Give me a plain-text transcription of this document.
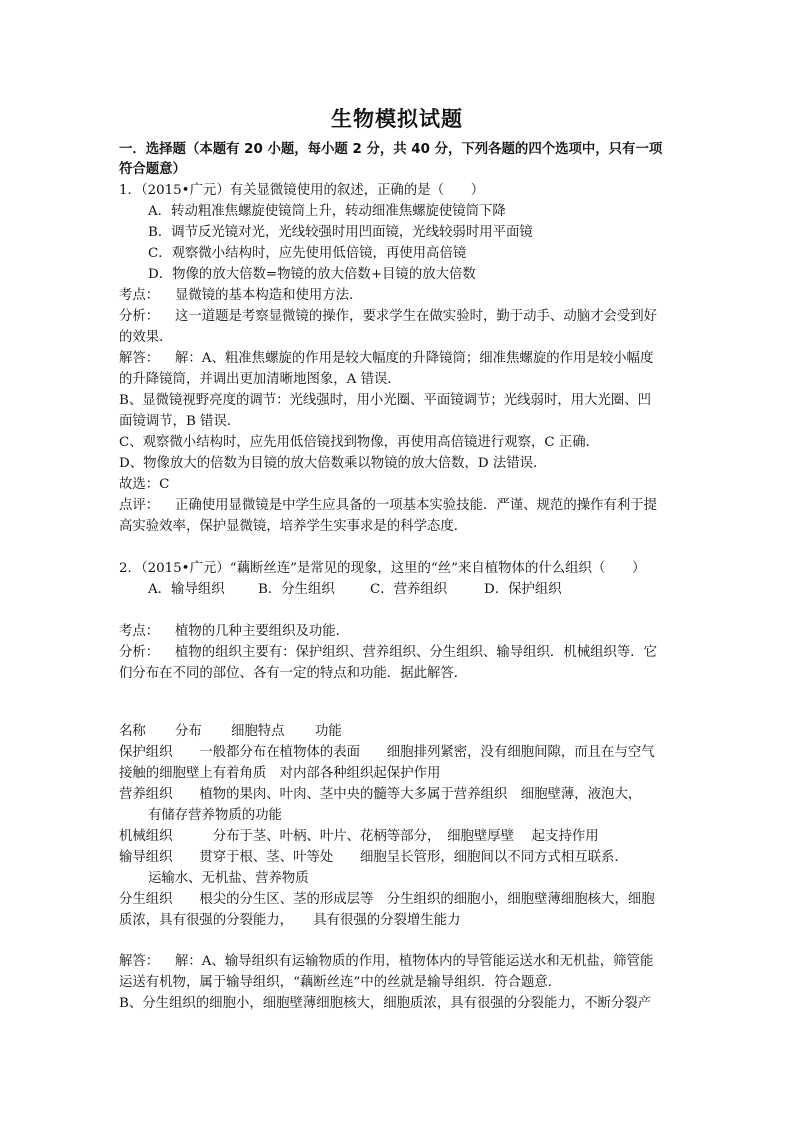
生物模拟试题
一．选择题（本题有 20 小题，每小题 2 分，共 40 分，下列各题的四个选项中，只有一项
符合题意）
1．（2015•广元）有关显微镜使用的叙述，正确的是（　　）
A．转动粗准焦螺旋使镜筒上升，转动细准焦螺旋使镜筒下降
B．调节反光镜对光，光线较强时用凹面镜，光线较弱时用平面镜
C．观察微小结构时，应先使用低倍镜，再使用高倍镜
D．物像的放大倍数=物镜的放大倍数+目镜的放大倍数
考点： 显微镜的基本构造和使用方法．
分析： 这一道题是考察显微镜的操作，要求学生在做实验时，勤于动手、动脑才会受到好
的效果．
解答： 解：A、粗准焦螺旋的作用是较大幅度的升降镜筒；细准焦螺旋的作用是较小幅度
的升降镜筒，并调出更加清晰地图象，A 错误．
B、显微镜视野亮度的调节：光线强时，用小光圈、平面镜调节；光线弱时，用大光圈、凹
面镜调节，B 错误．
C、观察微小结构时，应先用低倍镜找到物像，再使用高倍镜进行观察，C 正确．
D、物像放大的倍数为目镜的放大倍数乘以物镜的放大倍数，D 法错误．
故选：C
点评： 正确使用显微镜是中学生应具备的一项基本实验技能．严谨、规范的操作有利于提
高实验效率，保护显微镜，培养学生实事求是的科学态度．
2．（2015•广元）“藕断丝连”是常见的现象，这里的“丝”来自植物体的什么组织（　　）
A．输导组织 B．分生组织	C．营养组织	D．保护组织
考点： 植物的几种主要组织及功能．
分析： 植物的组织主要有：保护组织、营养组织、分生组织、输导组织．机械组织等．它
们分布在不同的部位、各有一定的特点和功能．据此解答．
名称 分布 细胞特点 功能
保护组织　　一般都分布在植物体的表面　　细胞排列紧密，没有细胞间隙，而且在与空气
接触的细胞壁上有着角质　对内部各种组织起保护作用
营养组织　　植物的果肉、叶肉、茎中央的髓等大多属于营养组织　细胞壁薄，液泡大，
有储存营养物质的功能
机械组织　　　分布于茎、叶柄、叶片、花柄等部分，　细胞壁厚壁　 起支持作用
输导组织　　贯穿于根、茎、叶等处　　细胞呈长管形，细胞间以不同方式相互联系．
运输水、无机盐、营养物质
分生组织　　根尖的分生区、茎的形成层等　分生组织的细胞小，细胞壁薄细胞核大，细胞
质浓，具有很强的分裂能力，　　具有很强的分裂增生能力
解答： 解：A、输导组织有运输物质的作用，植物体内的导管能运送水和无机盐，筛管能
运送有机物，属于输导组织，“藕断丝连”中的丝就是输导组织．符合题意．
B、分生组织的细胞小，细胞壁薄细胞核大，细胞质浓，具有很强的分裂能力，不断分裂产
